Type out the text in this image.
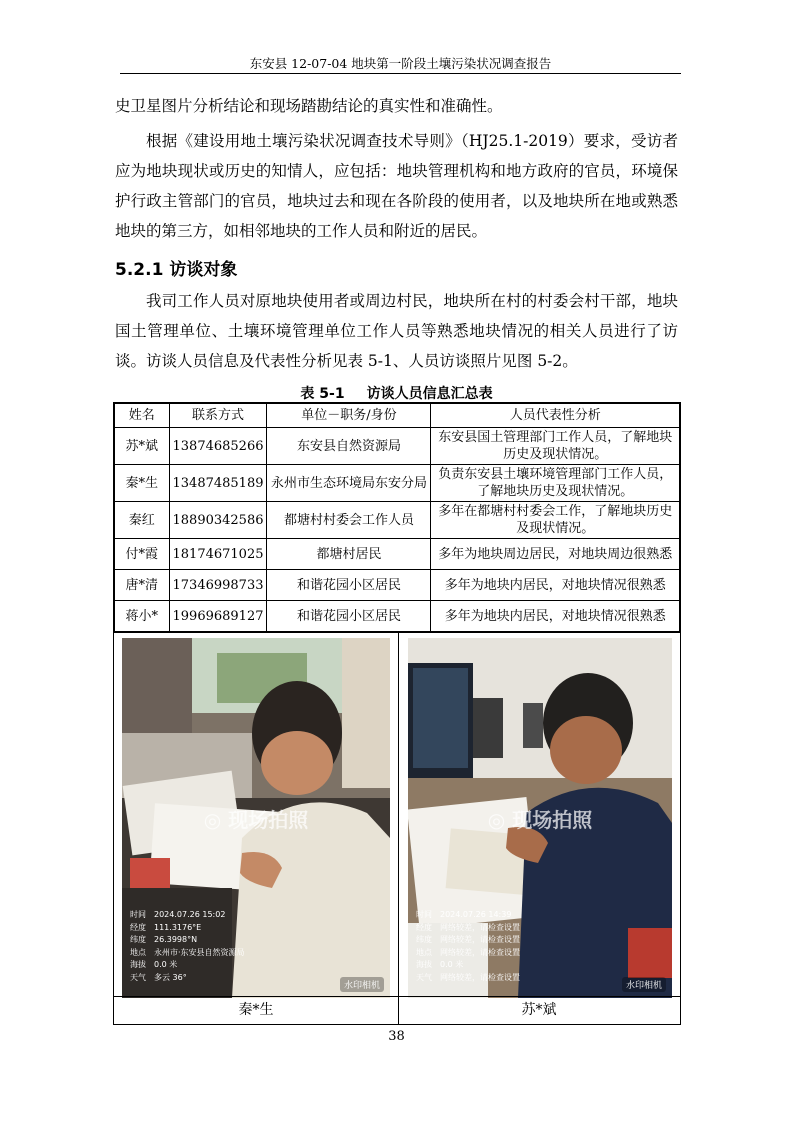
东安县 12-07-04 地块第一阶段土壤污染状况调查报告

史卫星图片分析结论和现场踏勘结论的真实性和准确性。

根据《建设用地土壤污染状况调查技术导则》（HJ25.1-2019）要求，受访者应为地块现状或历史的知情人，应包括：地块管理机构和地方政府的官员，环境保护行政主管部门的官员，地块过去和现在各阶段的使用者，以及地块所在地或熟悉地块的第三方，如相邻地块的工作人员和附近的居民。

5.2.1 访谈对象

我司工作人员对原地块使用者或周边村民，地块所在村的村委会村干部，地块国土管理单位、土壤环境管理单位工作人员等熟悉地块情况的相关人员进行了访谈。访谈人员信息及代表性分析见表 5-1、人员访谈照片见图 5-2。

表 5-1 访谈人员信息汇总表
姓名	联系方式	单位－职务/身份	人员代表性分析
苏*斌	13874685266	东安县自然资源局	东安县国土管理部门工作人员，了解地块历史及现状情况。
秦*生	13487485189	永州市生态环境局东安分局	负责东安县土壤环境管理部门工作人员，了解地块历史及现状情况。
秦红	18890342586	都塘村村委会工作人员	多年在都塘村村委会工作，了解地块历史及现状情况。
付*霞	18174671025	都塘村居民	多年为地块周边居民，对地块周边很熟悉
唐*清	17346998733	和谐花园小区居民	多年为地块内居民，对地块情况很熟悉
蒋小*	19969689127	和谐花园小区居民	多年为地块内居民，对地块情况很熟悉
◎ 现场拍照
时间 2024.07.26 15:02
经度 111.3176°E
纬度 26.3998°N
地点 永州市·东安县自然资源局
海拔 0.0 米
天气 多云 36°
水印相机
◎ 现场拍照
时间 2024.07.26 14:39
经度 网络较差，请检查设置
纬度 网络较差，请检查设置
地点 网络较差，请检查设置
海拔 0.0 米
天气 网络较差，请检查设置
水印相机
秦*生	苏*斌
38
